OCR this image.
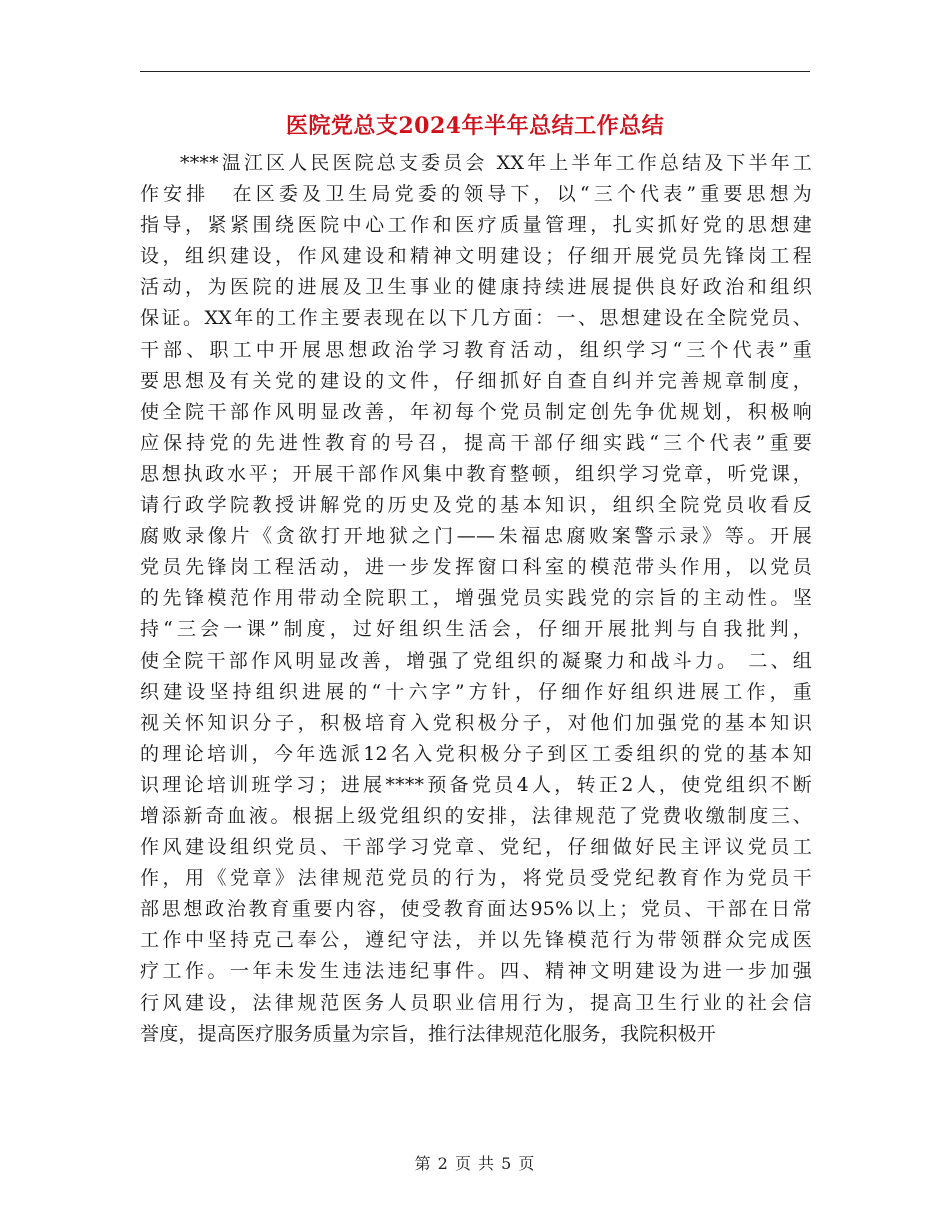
医院党总支2024年半年总结工作总结
****温江区人民医院总支委员会 XX年上半年工作总结及下半年工
作安排　在区委及卫生局党委的领导下，以“三个代表”重要思想为
指导，紧紧围绕医院中心工作和医疗质量管理，扎实抓好党的思想建
设，组织建设，作风建设和精神文明建设；仔细开展党员先锋岗工程
活动，为医院的进展及卫生事业的健康持续进展提供良好政治和组织
保证。XX年的工作主要表现在以下几方面：一、思想建设在全院党员、
干部、职工中开展思想政治学习教育活动，组织学习“三个代表”重
要思想及有关党的建设的文件，仔细抓好自查自纠并完善规章制度，
使全院干部作风明显改善，年初每个党员制定创先争优规划，积极响
应保持党的先进性教育的号召，提高干部仔细实践“三个代表”重要
思想执政水平；开展干部作风集中教育整顿，组织学习党章，听党课，
请行政学院教授讲解党的历史及党的基本知识，组织全院党员收看反
腐败录像片《贪欲打开地狱之门——朱福忠腐败案警示录》等。开展
党员先锋岗工程活动，进一步发挥窗口科室的模范带头作用，以党员
的先锋模范作用带动全院职工，增强党员实践党的宗旨的主动性。坚
持“三会一课”制度，过好组织生活会，仔细开展批判与自我批判，
使全院干部作风明显改善，增强了党组织的凝聚力和战斗力。 二、组
织建设坚持组织进展的“十六字”方针，仔细作好组织进展工作，重
视关怀知识分子，积极培育入党积极分子，对他们加强党的基本知识
的理论培训，今年选派12名入党积极分子到区工委组织的党的基本知
识理论培训班学习；进展****预备党员4人，转正2人，使党组织不断
增添新奇血液。根据上级党组织的安排，法律规范了党费收缴制度三、
作风建设组织党员、干部学习党章、党纪，仔细做好民主评议党员工
作，用《党章》法律规范党员的行为，将党员受党纪教育作为党员干
部思想政治教育重要内容，使受教育面达95%以上；党员、干部在日常
工作中坚持克己奉公，遵纪守法，并以先锋模范行为带领群众完成医
疗工作。一年未发生违法违纪事件。四、精神文明建设为进一步加强
行风建设，法律规范医务人员职业信用行为，提高卫生行业的社会信
誉度，提高医疗服务质量为宗旨，推行法律规范化服务，我院积极开
第 2 页 共 5 页
